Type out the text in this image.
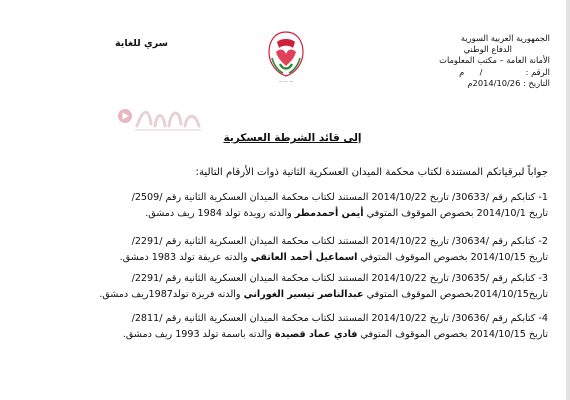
الجمهورية العربية السورية
الدفاع الوطني
الأمانة العامة – مكتب المعلومات
الرقم :  /  م
التاريخ : 2014/10/26م
سري للغاية
— — —
إلى قائد الشرطة العسكرية
جواباً لبرقياتكم المستندة لكتاب محكمة الميدان العسكرية الثانية ذوات الأرقام التالية:
1- كتابكم رقم /30633/ تاريخ 2014/10/22 المستند لكتاب محكمة الميدان العسكرية الثانية رقم /2509/
تاريخ 2014/10/1 بخصوص الموقوف المتوفي أيمن أحمدمطر والدته رويدة تولد 1984 ريف دمشق.
2- كتابكم رقم /30634/ تاريخ 2014/10/22 المستند لكتاب محكمة الميدان العسكرية الثانية رقم /2291/
تاريخ 2014/10/15 بخصوص الموقوف المتوفي اسماعيل أحمد العاتقي والدته عريفة تولد 1983 دمشق.
3- كتابكم رقم /30635/ تاريخ 2014/10/22 المستند لكتاب محكمة الميدان العسكرية الثانية رقم /2291/
تاريخ2014/10/15بخصوص الموقوف المتوفي عبدالناصر تيسير الغوراني والدته فريزة تولد1987ريف دمشق.
4- كتابكم رقم /30636/ تاريخ 2014/10/22 المستند لكتاب محكمة الميدان العسكرية الثانية رقم /2811/
تاريخ 2014/10/15 بخصوص الموقوف المتوفي فادي عماد قصيدة والدته باسمة تولد 1993 ريف دمشق.
